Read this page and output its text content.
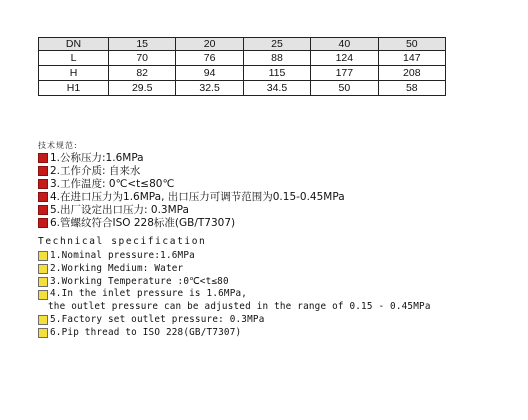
DN	15	20	25	40	50
L	70	76	88	124	147
H	82	94	115	177	208
H1	29.5	32.5	34.5	50	58
技术规范:
1.公称压力:1.6MPa
2.工作介质: 自来水
3.工作温度: 0℃<t≤80℃
4.在进口压力为1.6MPa, 出口压力可调节范围为0.15-0.45MPa
5.出厂设定出口压力: 0.3MPa
6.管螺纹符合ISO 228标准(GB/T7307)
Technical specification
1.Nominal pressure:1.6MPa
2.Working Medium: Water
3.Working Temperature :0℃<t≤80
4.In the inlet pressure is 1.6MPa,
the outlet pressure can be adjusted in the range of 0.15 - 0.45MPa
5.Factory set outlet pressure: 0.3MPa
6.Pip thread to ISO 228(GB/T7307)
